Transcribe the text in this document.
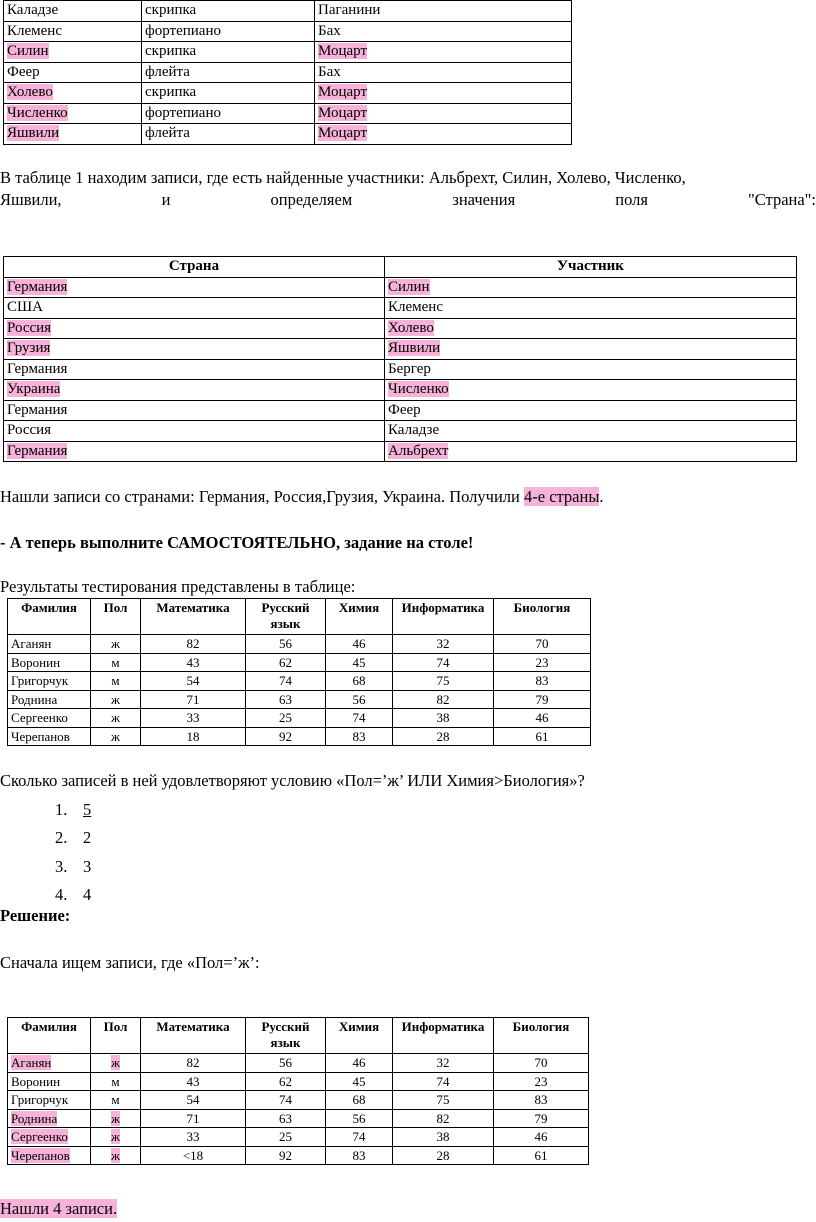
Каладзе	скрипка	Паганини
Клеменс	фортепиано	Бах
Силин	скрипка	Моцарт
Феер	флейта	Бах
Холево	скрипка	Моцарт
Численко	фортепиано	Моцарт
Яшвили	флейта	Моцарт
В таблице 1 находим записи, где есть найденные участники: Альбрехт, Силин, Холево, Численко,
Яшвили,	и	определяем	значения	поля	"Страна":
Страна	Участник
Германия	Силин
США	Клеменс
Россия	Холево
Грузия	Яшвили
Германия	Бергер
Украина	Численко
Германия	Феер
Россия	Каладзе
Германия	Альбрехт
Нашли записи со странами: Германия, Россия,Грузия, Украина. Получили 4-е страны.
- А теперь выполните САМОСТОЯТЕЛЬНО, задание на столе!
Результаты тестирования представлены в таблице:
Фамилия	Пол	Математика	Русский язык	Химия	Информатика	Биология
Аганян	ж	82	56	46	32	70
Воронин	м	43	62	45	74	23
Григорчук	м	54	74	68	75	83
Роднина	ж	71	63	56	82	79
Сергеенко	ж	33	25	74	38	46
Черепанов	ж	18	92	83	28	61
Сколько записей в ней удовлетворяют условию «Пол=’ж’ ИЛИ Химия>Биология»?
1. 5
2. 2
3. 3
4. 4
Решение:
Сначала ищем записи, где «Пол=’ж’:
Фамилия	Пол	Математика	Русский язык	Химия	Информатика	Биология
Аганян	ж	82	56	46	32	70
Воронин	м	43	62	45	74	23
Григорчук	м	54	74	68	75	83
Роднина	ж	71	63	56	82	79
Сергеенко	ж	33	25	74	38	46
Черепанов	ж	<18	92	83	28	61
Нашли 4 записи.
